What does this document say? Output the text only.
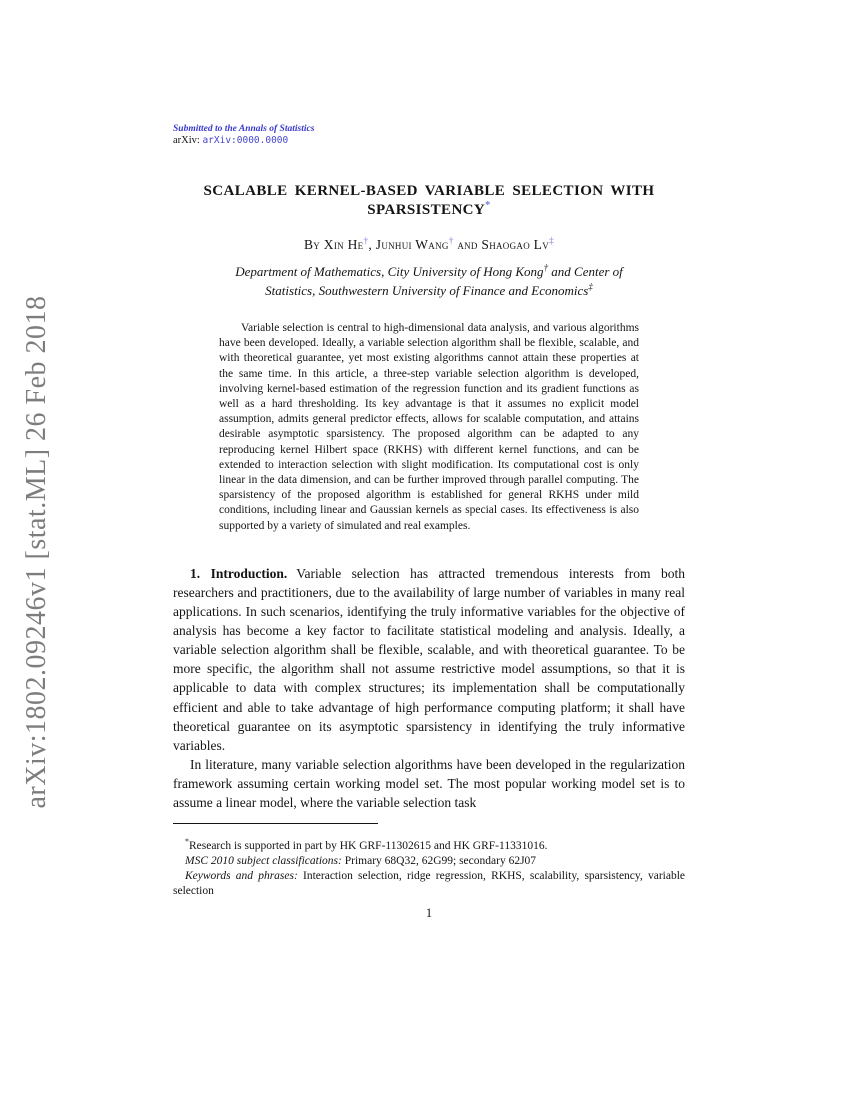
arXiv:1802.09246v1 [stat.ML] 26 Feb 2018
Submitted to the Annals of Statistics
arXiv: arXiv:0000.0000
SCALABLE KERNEL-BASED VARIABLE SELECTION WITH
SPARSISTENCY*
By Xin He†, Junhui Wang† and Shaogao Lv‡
Department of Mathematics, City University of Hong Kong† and Center of
Statistics, Southwestern University of Finance and Economics‡

Variable selection is central to high-dimensional data analysis, and various algorithms have been developed. Ideally, a variable selection algorithm shall be flexible, scalable, and with theoretical guarantee, yet most existing algorithms cannot attain these properties at the same time. In this article, a three-step variable selection algorithm is developed, involving kernel-based estimation of the regression function and its gradient functions as well as a hard thresholding. Its key advantage is that it assumes no explicit model assumption, admits general predictor effects, allows for scalable computation, and attains desirable asymptotic sparsistency. The proposed algorithm can be adapted to any reproducing kernel Hilbert space (RKHS) with different kernel functions, and can be extended to interaction selection with slight modification. Its computational cost is only linear in the data dimension, and can be further improved through parallel computing. The sparsistency of the proposed algorithm is established for general RKHS under mild conditions, including linear and Gaussian kernels as special cases. Its effectiveness is also supported by a variety of simulated and real examples.

1. Introduction. Variable selection has attracted tremendous interests from both researchers and practitioners, due to the availability of large number of variables in many real applications. In such scenarios, identifying the truly informative variables for the objective of analysis has become a key factor to facilitate statistical modeling and analysis. Ideally, a variable selection algorithm shall be flexible, scalable, and with theoretical guarantee. To be more specific, the algorithm shall not assume restrictive model assumptions, so that it is applicable to data with complex structures; its implementation shall be computationally efficient and able to take advantage of high performance computing platform; it shall have theoretical guarantee on its asymptotic sparsistency in identifying the truly informative variables.

In literature, many variable selection algorithms have been developed in the regularization framework assuming certain working model set. The most popular working model set is to assume a linear model, where the variable selection task

*Research is supported in part by HK GRF-11302615 and HK GRF-11331016.

MSC 2010 subject classifications: Primary 68Q32, 62G99; secondary 62J07

Keywords and phrases: Interaction selection, ridge regression, RKHS, scalability, sparsistency, variable selection

1
